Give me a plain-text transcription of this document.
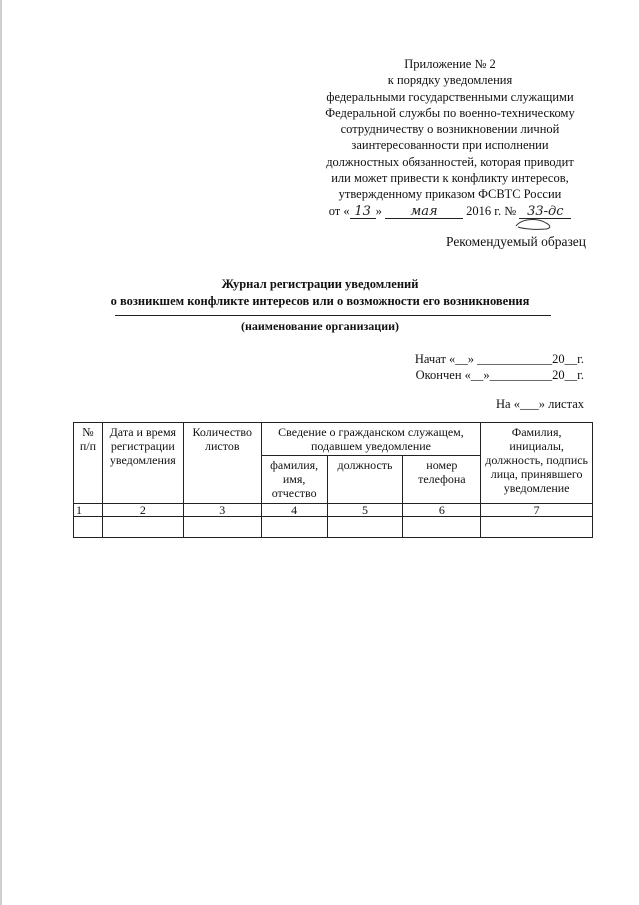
Приложение № 2
к порядку уведомления
федеральными государственными служащими
Федеральной службы по военно-техническому
сотрудничеству о возникновении личной
заинтересованности при исполнении
должностных обязанностей, которая приводит
или может привести к конфликту интересов,
утвержденному приказом ФСВТС России
от « 13 » мая 2016 г. № 33-дс
Рекомендуемый образец
Журнал регистрации уведомлений
о возникшем конфликте интересов или о возможности его возникновения
(наименование организации)
Начат «__» ____________20__г.
Окончен «__»__________20__г.
На «___» листах
№ п/п	Дата и время регистрации уведомления	Количество листов	Сведение о гражданском служащем, подавшем уведомление			Фамилия, инициалы, должность, подпись лица, принявшего уведомление
			фамилия, имя, отчество	должность	номер телефона	
1	2	3	4	5	6	7
